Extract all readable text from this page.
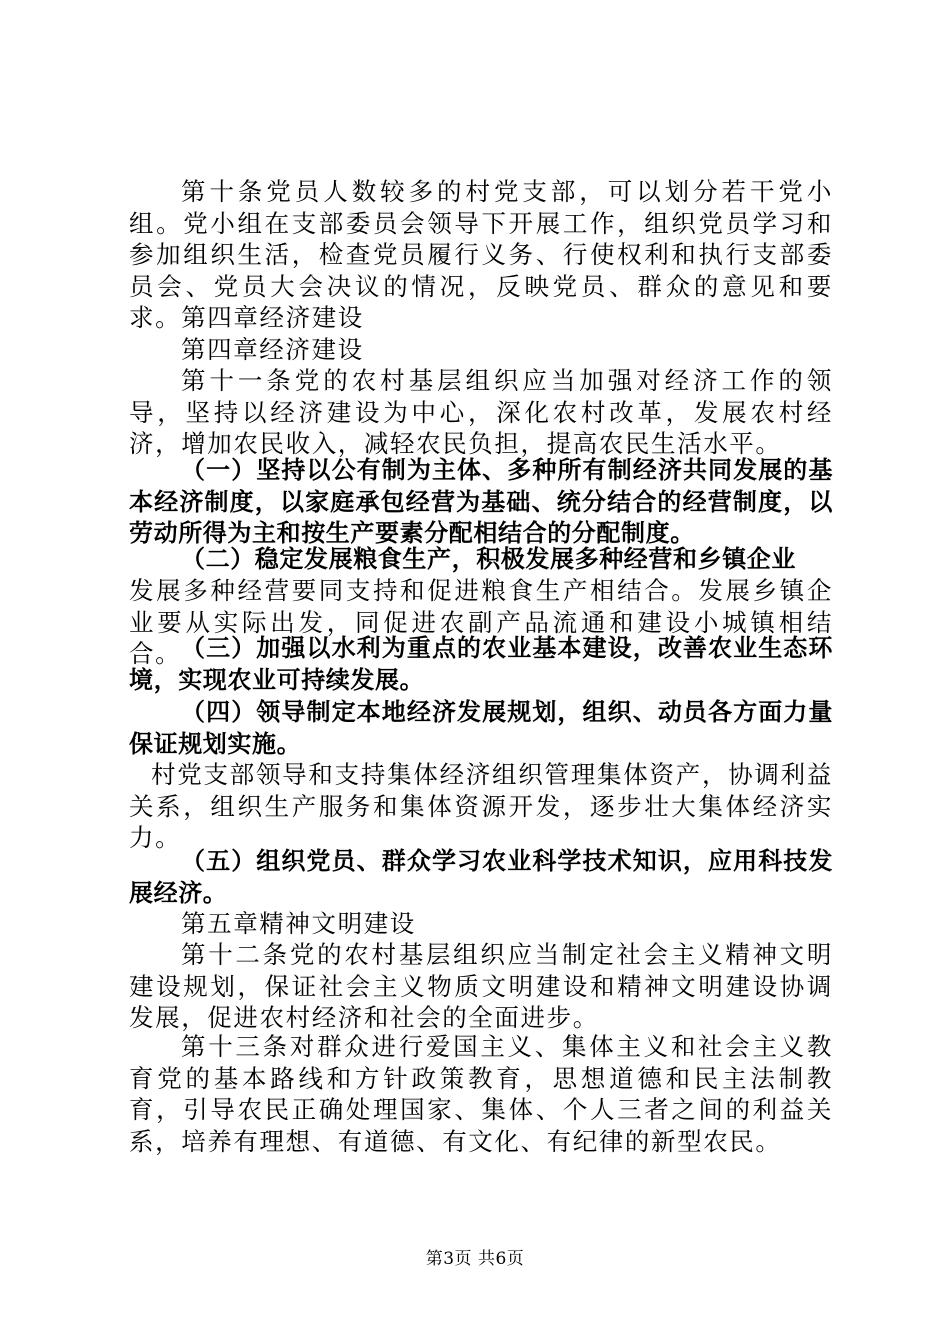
第十条党员人数较多的村党支部，可以划分若干党小组。党小组在支部委员会领导下开展工作，组织党员学习和参加组织生活，检查党员履行义务、行使权利和执行支部委员会、党员大会决议的情况，反映党员、群众的意见和要求。第四章经济建设
第四章经济建设
第十一条党的农村基层组织应当加强对经济工作的领导，坚持以经济建设为中心，深化农村改革，发展农村经济，增加农民收入，减轻农民负担，提高农民生活水平。
（一）坚持以公有制为主体、多种所有制经济共同发展的基本经济制度，以家庭承包经营为基础、统分结合的经营制度，以劳动所得为主和按生产要素分配相结合的分配制度。
（二）稳定发展粮食生产，积极发展多种经营和乡镇企业
发展多种经营要同支持和促进粮食生产相结合。发展乡镇企业要从实际出发，同促进农副产品流通和建设小城镇相结合。 （三）加强以水利为重点的农业基本建设，改善农业生态环境，实现农业可持续发展。
（四）领导制定本地经济发展规划，组织、动员各方面力量保证规划实施。
村党支部领导和支持集体经济组织管理集体资产，协调利益关系，组织生产服务和集体资源开发，逐步壮大集体经济实力。
（五）组织党员、群众学习农业科学技术知识，应用科技发展经济。
第五章精神文明建设
第十二条党的农村基层组织应当制定社会主义精神文明建设规划，保证社会主义物质文明建设和精神文明建设协调发展，促进农村经济和社会的全面进步。
第十三条对群众进行爱国主义、集体主义和社会主义教育党的基本路线和方针政策教育，思想道德和民主法制教育，引导农民正确处理国家、集体、个人三者之间的利益关系，培养有理想、有道德、有文化、有纪律的新型农民。
第3页 共6页
